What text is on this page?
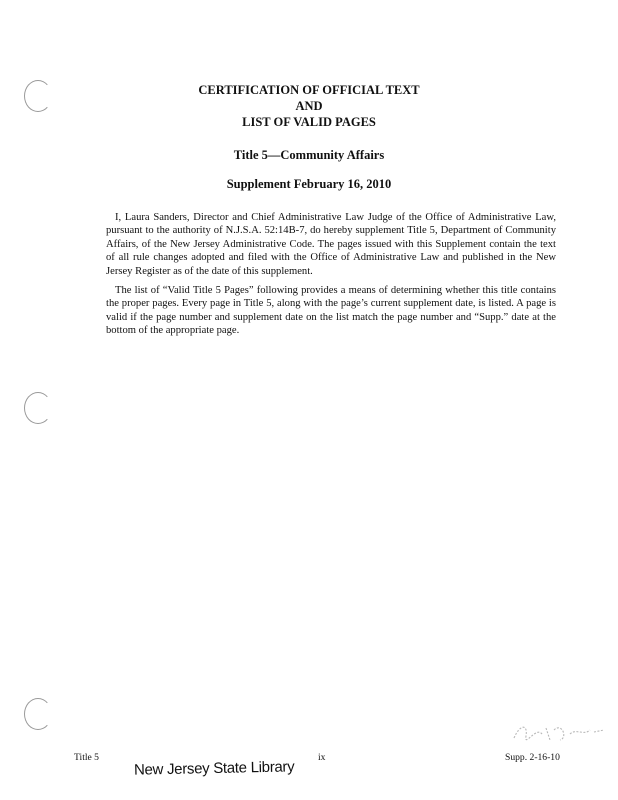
CERTIFICATION OF OFFICIAL TEXT
AND
LIST OF VALID PAGES
Title 5—Community Affairs
Supplement February 16, 2010

I, Laura Sanders, Director and Chief Administrative Law Judge of the Office of Administrative Law, pursuant to the authority of N.J.S.A. 52:14B-7, do hereby supplement Title 5, Department of Community Affairs, of the New Jersey Administrative Code. The pages issued with this Supplement contain the text of all rule changes adopted and filed with the Office of Administrative Law and published in the New Jersey Register as of the date of this supplement.

The list of “Valid Title 5 Pages” following provides a means of determining whether this title contains the proper pages. Every page in Title 5, along with the page’s current supplement date, is listed. A page is valid if the page number and supplement date on the list match the page number and “Supp.” date at the bottom of the appropriate page.

Title 5	ix	Supp. 2-16-10
New Jersey State Library
